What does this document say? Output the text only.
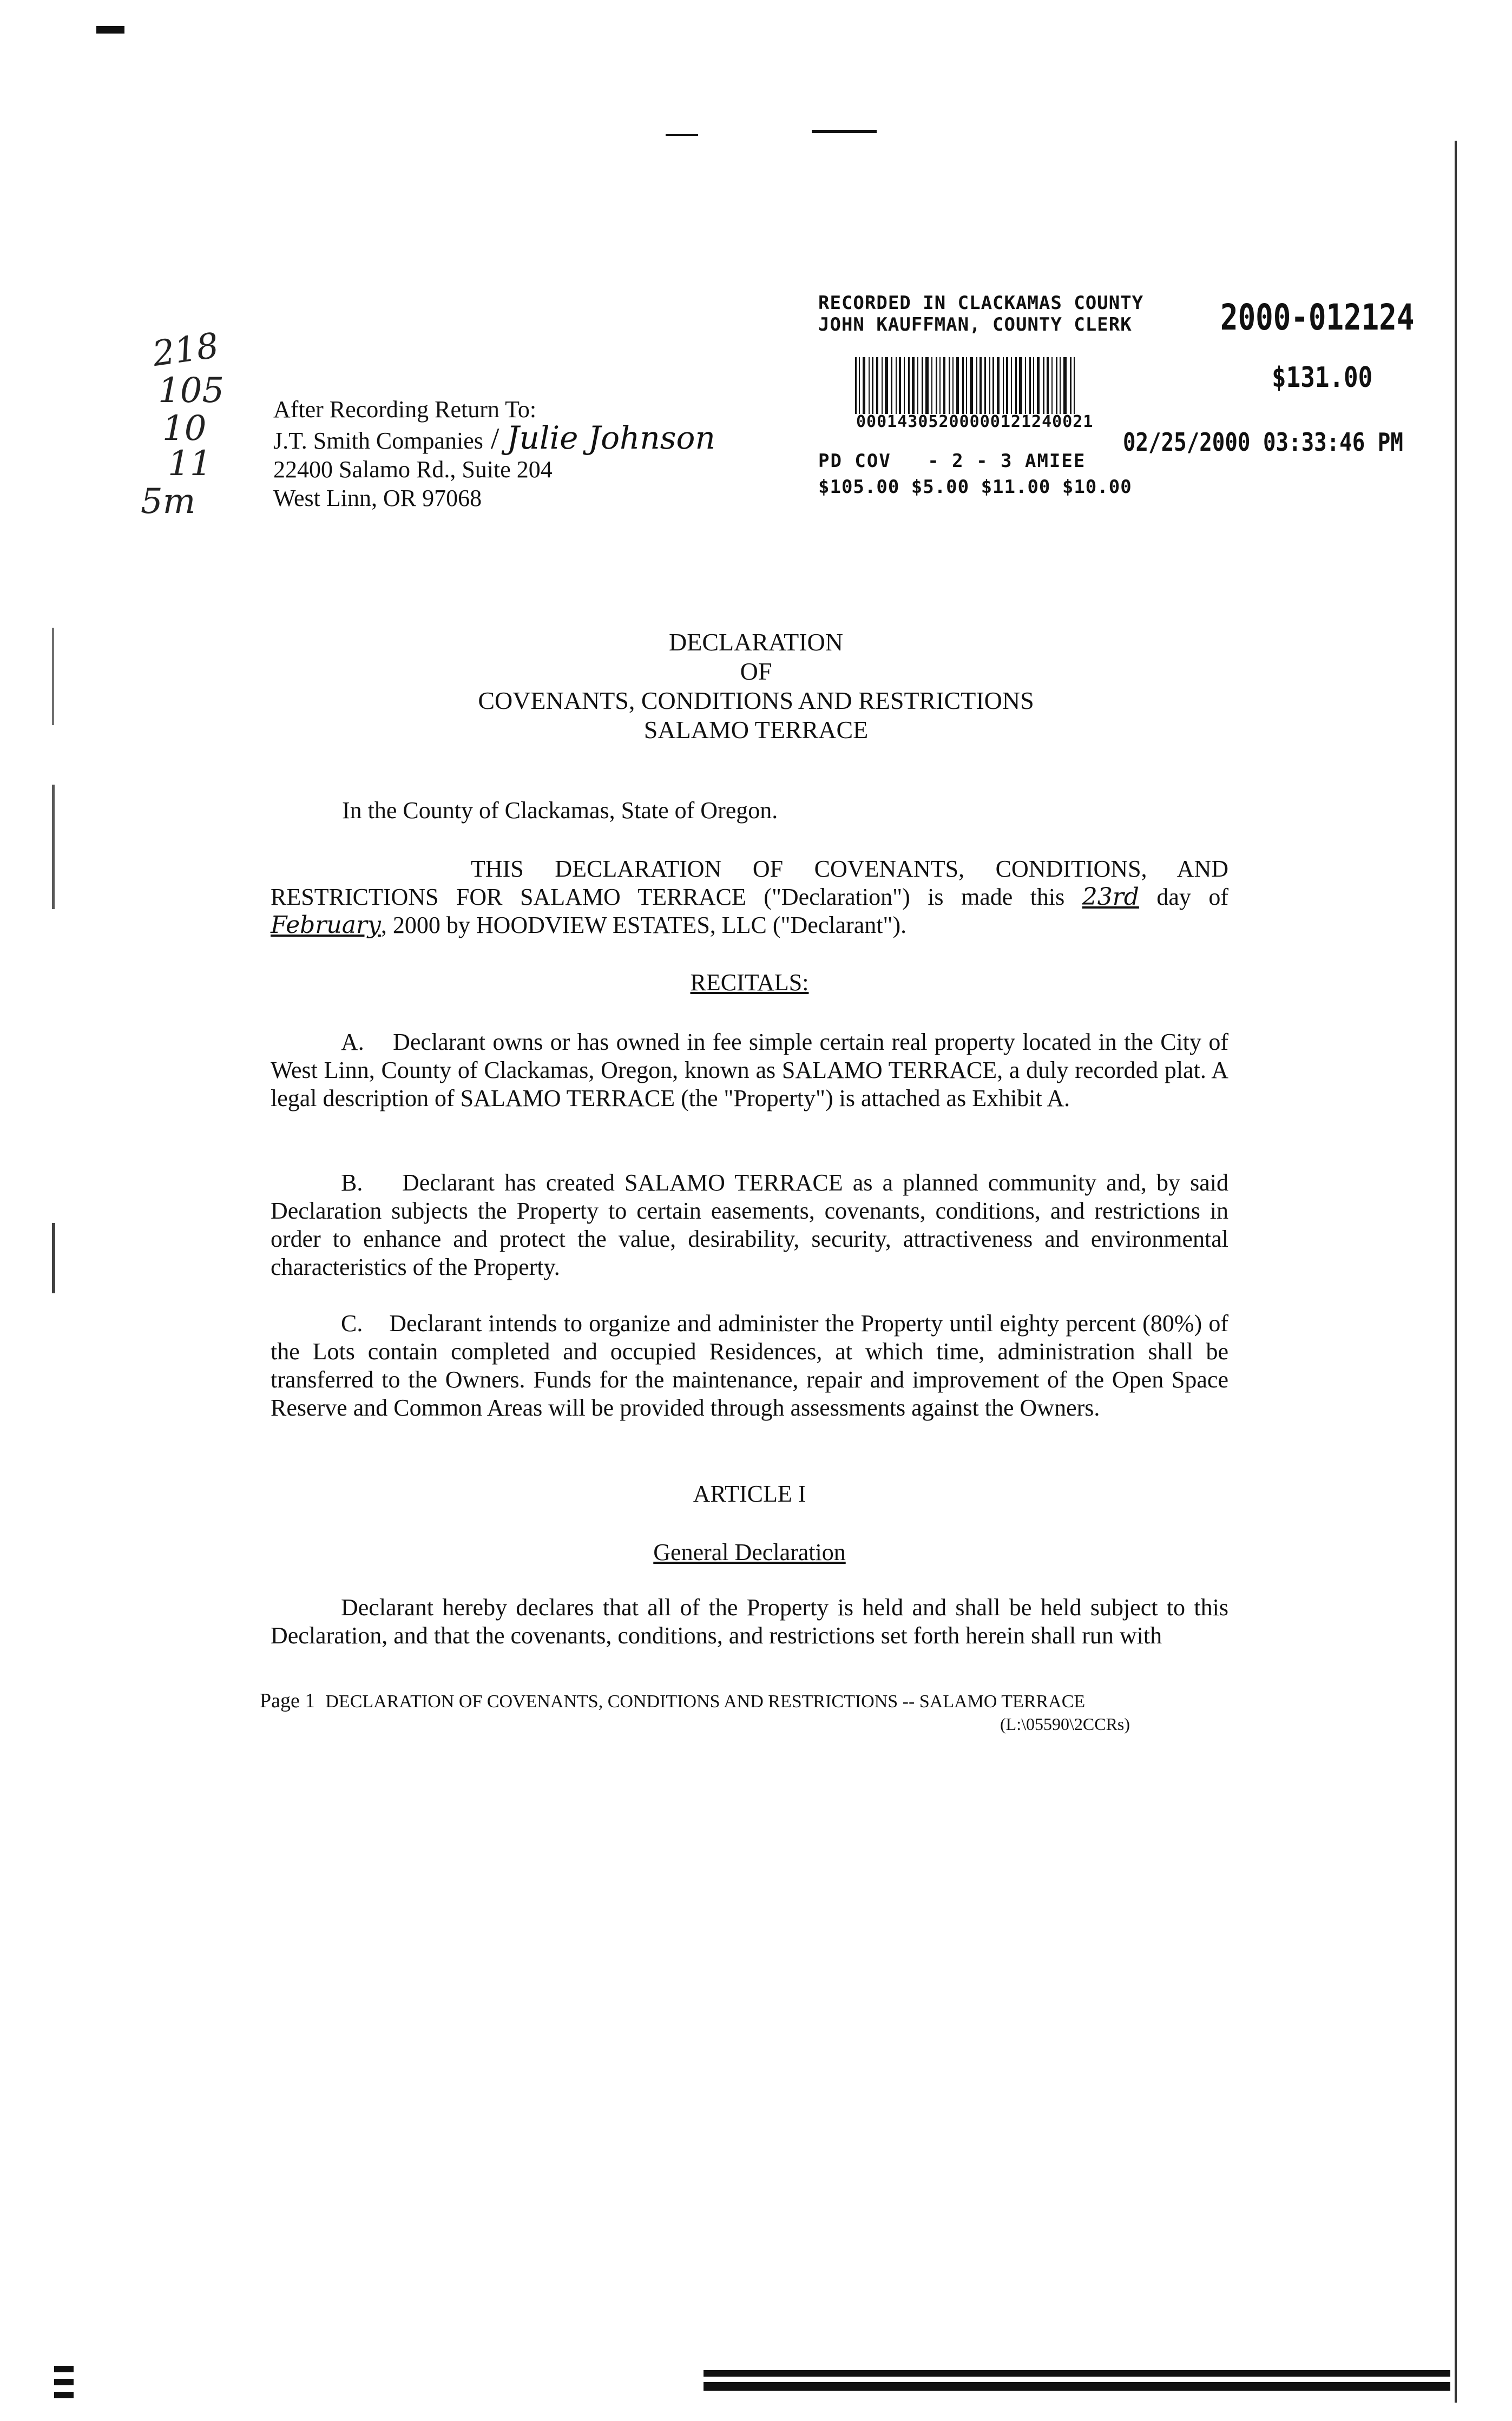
218
105
10
11
5m
RECORDED IN CLACKAMAS COUNTY
JOHN KAUFFMAN, COUNTY CLERK	2000-012124
00014305200000121240021
$131.00
02/25/2000 03:33:46 PM
PD COV   - 2 - 3 AMIEE
$105.00 $5.00 $11.00 $10.00

After Recording Return To:

J.T. Smith Companies / Julie Johnson

22400 Salamo Rd., Suite 204

West Linn, OR 97068

DECLARATION

OF

COVENANTS, CONDITIONS AND RESTRICTIONS

SALAMO TERRACE

In the County of Clackamas, State of Oregon.

THIS DECLARATION OF COVENANTS, CONDITIONS, AND RESTRICTIONS FOR SALAMO TERRACE ("Declaration") is made this 23rd day of February, 2000 by HOODVIEW ESTATES, LLC ("Declarant").

RECITALS:

A. Declarant owns or has owned in fee simple certain real property located in the City of West Linn, County of Clackamas, Oregon, known as SALAMO TERRACE, a duly recorded plat. A legal description of SALAMO TERRACE (the "Property") is attached as Exhibit A.

B. Declarant has created SALAMO TERRACE as a planned community and, by said Declaration subjects the Property to certain easements, covenants, conditions, and restrictions in order to enhance and protect the value, desirability, security, attractiveness and environmental characteristics of the Property.

C. Declarant intends to organize and administer the Property until eighty percent (80%) of the Lots contain completed and occupied Residences, at which time, administration shall be transferred to the Owners. Funds for the maintenance, repair and improvement of the Open Space Reserve and Common Areas will be provided through assessments against the Owners.

ARTICLE I
General Declaration

Declarant hereby declares that all of the Property is held and shall be held subject to this Declaration, and that the covenants, conditions, and restrictions set forth herein shall run with

Page 1 DECLARATION OF COVENANTS, CONDITIONS AND RESTRICTIONS -- SALAMO TERRACE
(L:\05590\2CCRs)
